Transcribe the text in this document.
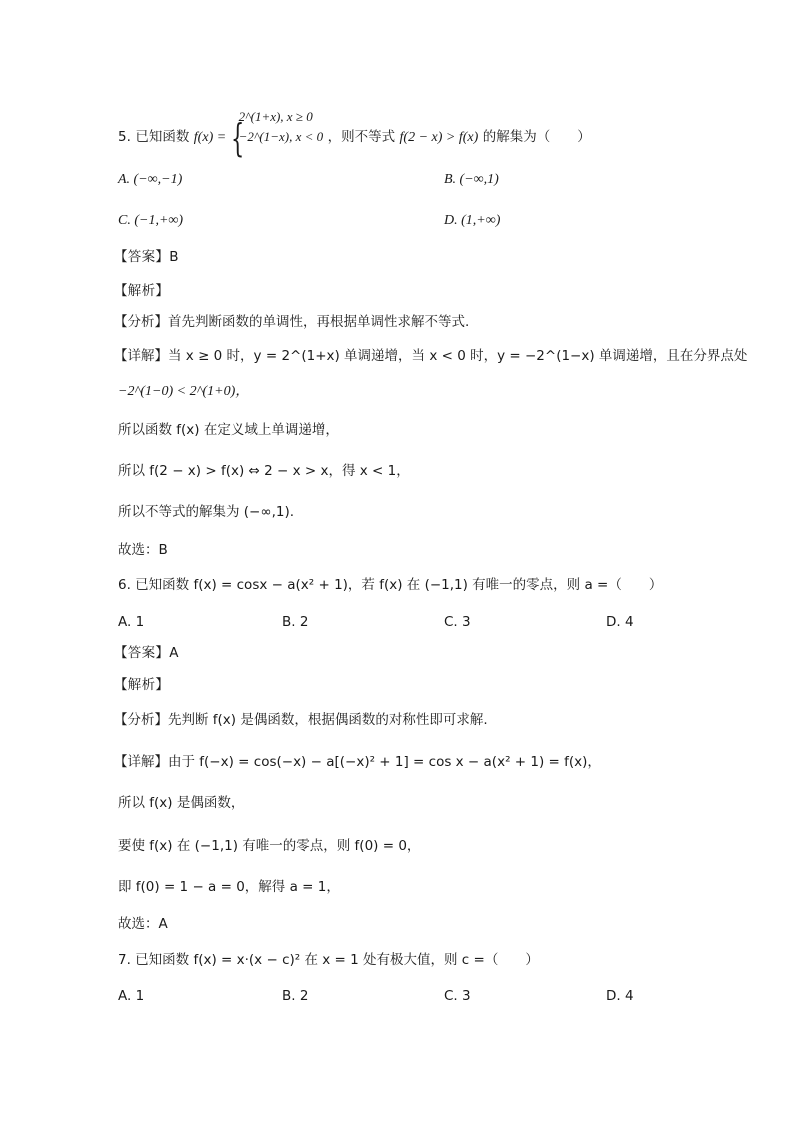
5. 已知函数 f(x) = {
2^(1+x), x ≥ 0
−2^(1−x), x < 0 ，则不等式 f(2 − x) > f(x) 的解集为（　　）
A. (−∞,−1)	B. (−∞,1)
C. (−1,+∞)	D. (1,+∞)
【答案】B
【解析】
【分析】首先判断函数的单调性，再根据单调性求解不等式.
【详解】当 x ≥ 0 时，y = 2^(1+x) 单调递增，当 x < 0 时，y = −2^(1−x) 单调递增，且在分界点处
−2^(1−0) < 2^(1+0)，
所以函数 f(x) 在定义域上单调递增，
所以 f(2 − x) > f(x) ⇔ 2 − x > x，得 x < 1，
所以不等式的解集为 (−∞,1).
故选：B
6. 已知函数 f(x) = cosx − a(x² + 1)，若 f(x) 在 (−1,1) 有唯一的零点，则 a =（　　）
A. 1	B. 2	C. 3	D. 4
【答案】A
【解析】
【分析】先判断 f(x) 是偶函数，根据偶函数的对称性即可求解.
【详解】由于 f(−x) = cos(−x) − a[(−x)² + 1] = cos x − a(x² + 1) = f(x)，
所以 f(x) 是偶函数，
要使 f(x) 在 (−1,1) 有唯一的零点，则 f(0) = 0，
即 f(0) = 1 − a = 0，解得 a = 1，
故选：A
7. 已知函数 f(x) = x·(x − c)² 在 x = 1 处有极大值，则 c =（　　）
A. 1	B. 2	C. 3	D. 4
